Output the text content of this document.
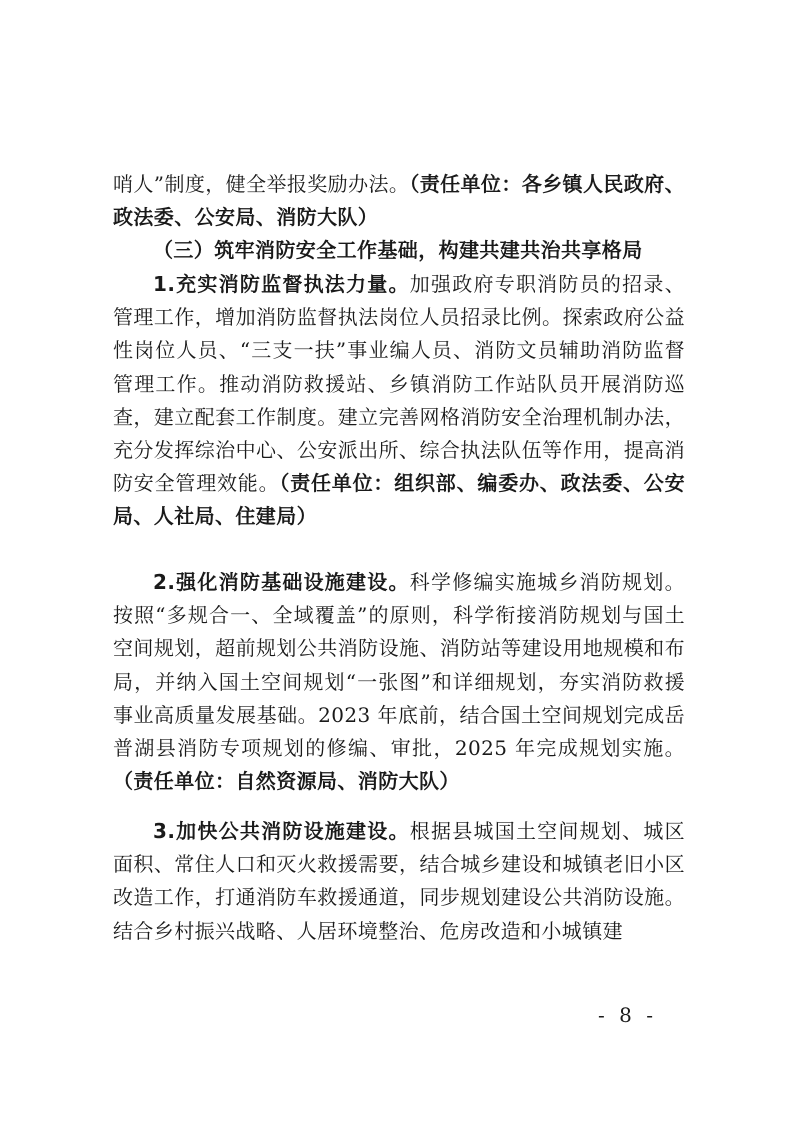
哨人”制度，健全举报奖励办法。（责任单位：各乡镇人民政府、政法委、公安局、消防大队）
（三）筑牢消防安全工作基础，构建共建共治共享格局
1.充实消防监督执法力量。加强政府专职消防员的招录、管理工作，增加消防监督执法岗位人员招录比例。探索政府公益性岗位人员、“三支一扶”事业编人员、消防文员辅助消防监督管理工作。推动消防救援站、乡镇消防工作站队员开展消防巡查，建立配套工作制度。建立完善网格消防安全治理机制办法，充分发挥综治中心、公安派出所、综合执法队伍等作用，提高消防安全管理效能。（责任单位：组织部、编委办、政法委、公安局、人社局、住建局）
2.强化消防基础设施建设。科学修编实施城乡消防规划。按照“多规合一、全域覆盖”的原则，科学衔接消防规划与国土空间规划，超前规划公共消防设施、消防站等建设用地规模和布局，并纳入国土空间规划“一张图”和详细规划，夯实消防救援事业高质量发展基础。2023 年底前，结合国土空间规划完成岳普湖县消防专项规划的修编、审批，2025 年完成规划实施。（责任单位：自然资源局、消防大队）
3.加快公共消防设施建设。根据县城国土空间规划、城区面积、常住人口和灭火救援需要，结合城乡建设和城镇老旧小区改造工作，打通消防车救援通道，同步规划建设公共消防设施。结合乡村振兴战略、人居环境整治、危房改造和小城镇建
- 8 -
